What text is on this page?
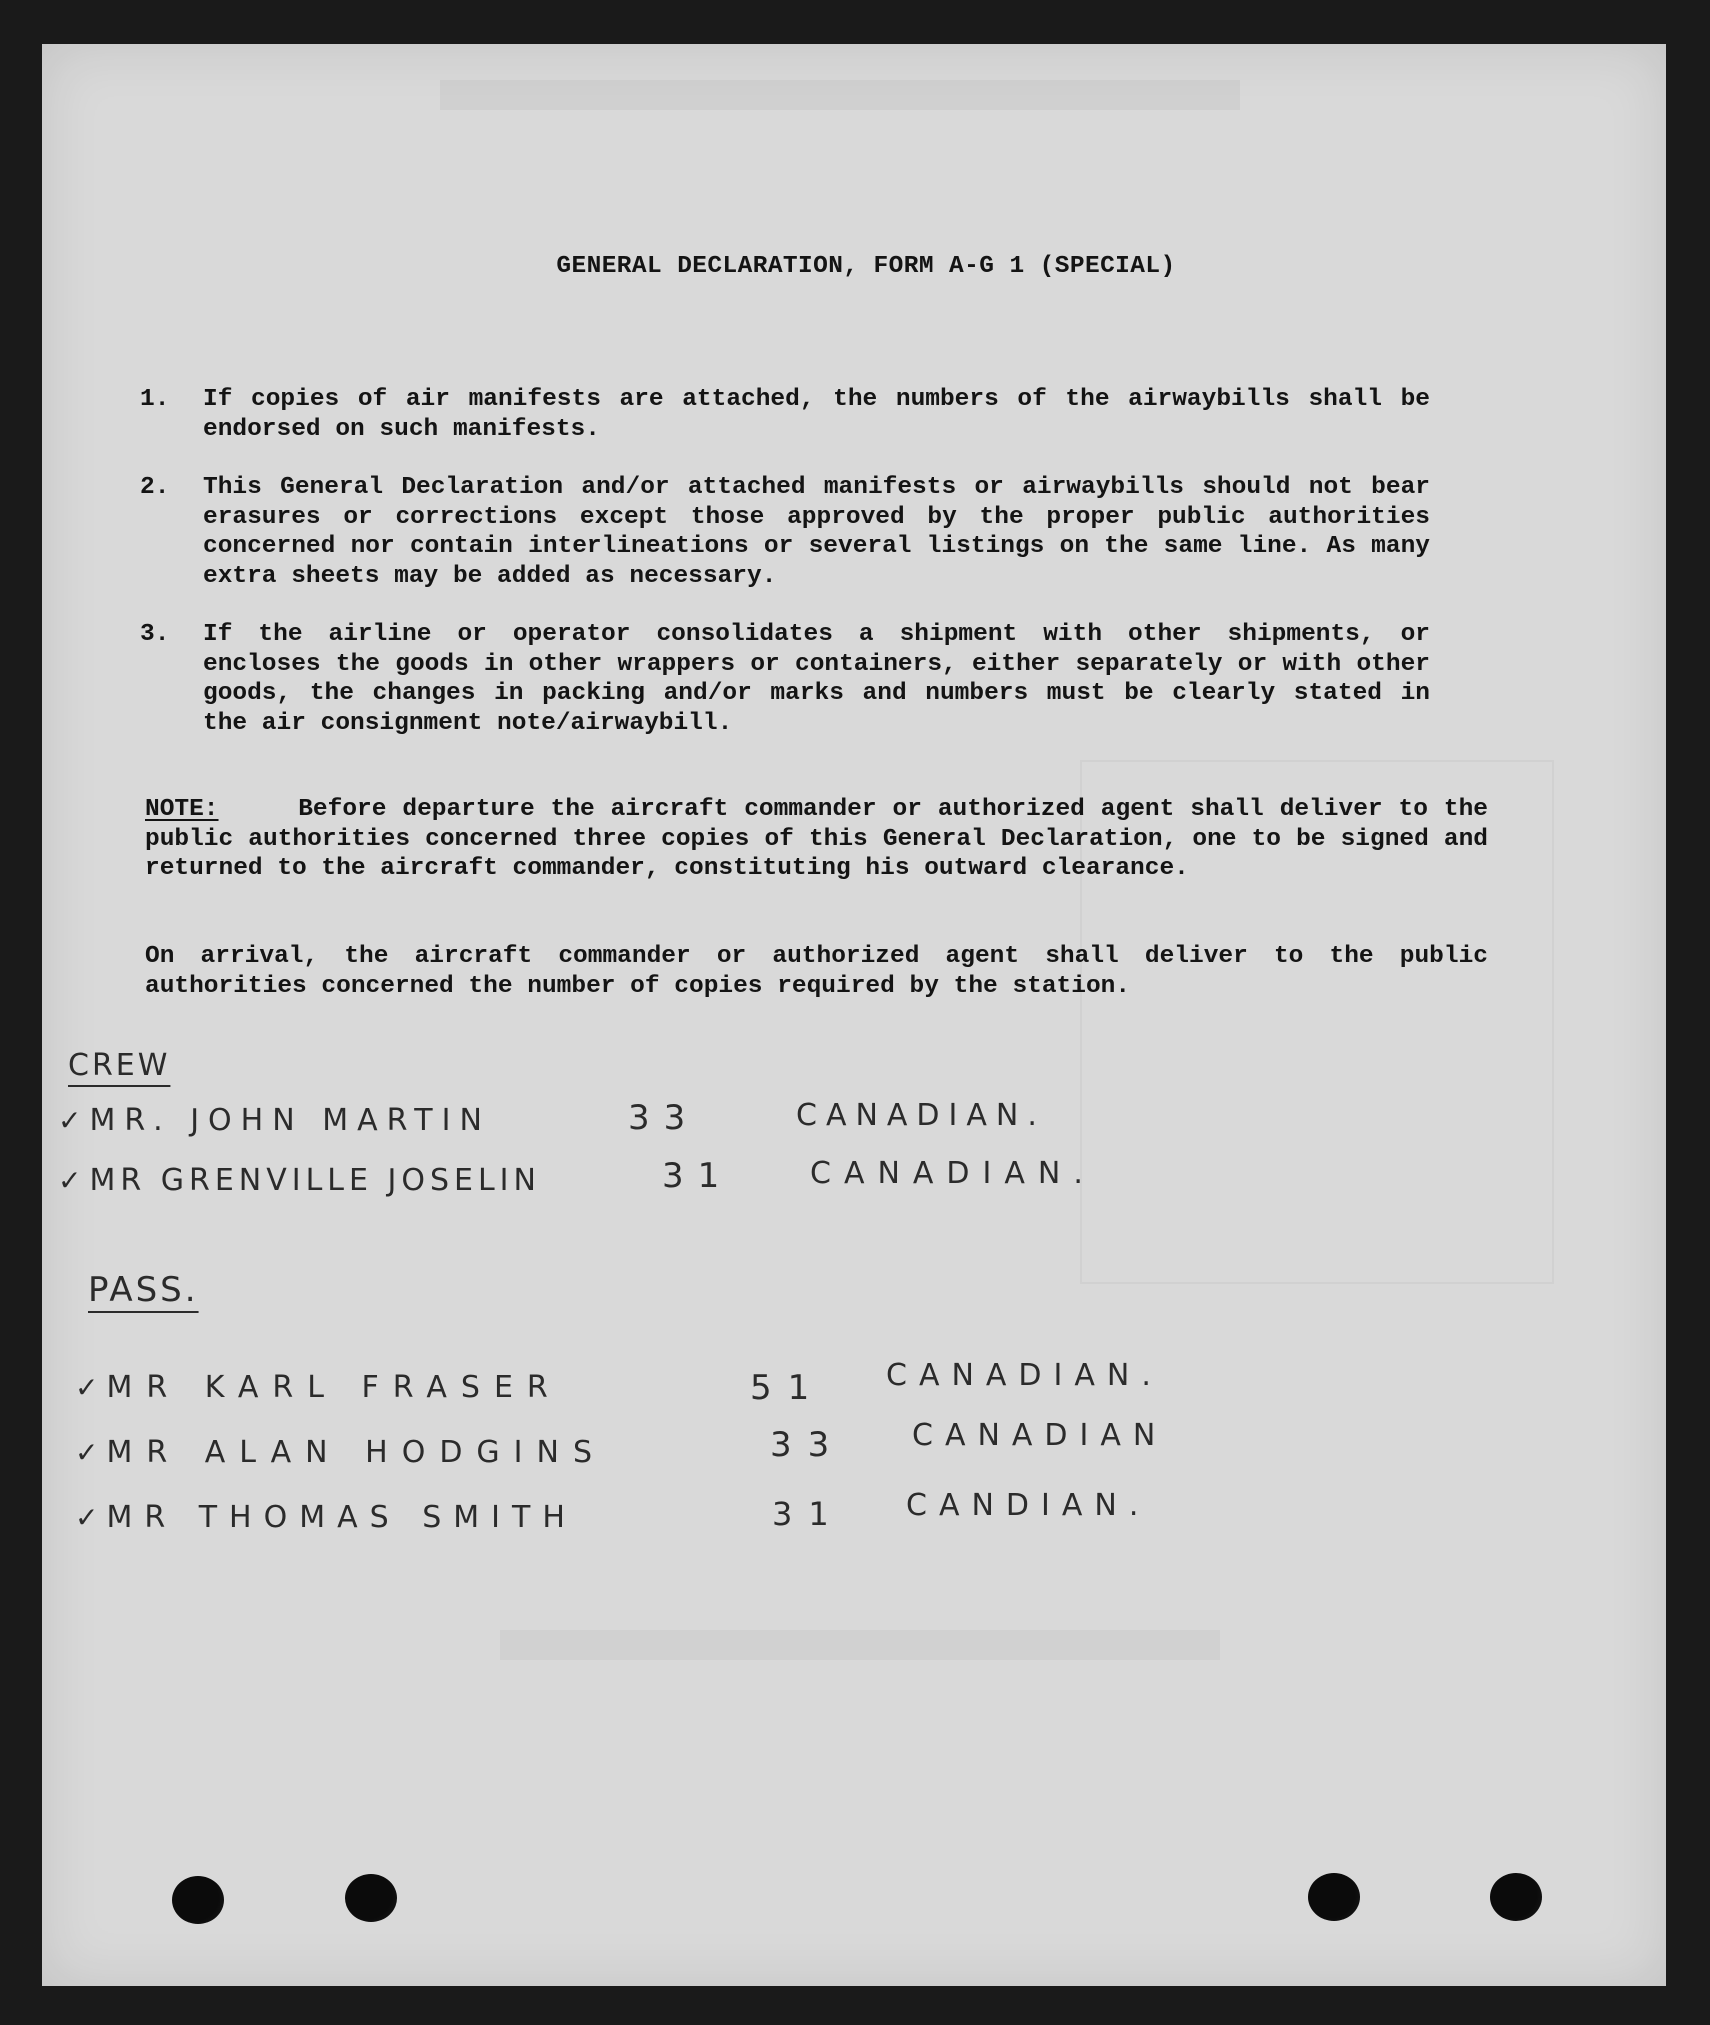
GENERAL DECLARATION, FORM A-G 1 (SPECIAL)
1.	If copies of air manifests are attached, the numbers of the airwaybills shall be endorsed on such manifests.
2.	This General Declaration and/or attached manifests or airwaybills should not bear erasures or corrections except those approved by the proper public authorities concerned nor contain interlineations or several listings on the same line. As many extra sheets may be added as necessary.
3.	If the airline or operator consolidates a shipment with other shipments, or encloses the goods in other wrappers or containers, either separately or with other goods, the changes in packing and/or marks and numbers must be clearly stated in the air consignment note/airwaybill.
NOTE:	Before departure the aircraft commander or authorized agent shall deliver to the public authorities concerned three copies of this General Declaration, one to be signed and returned to the aircraft commander, constituting his outward clearance.
On arrival, the aircraft commander or authorized agent shall deliver to the public authorities concerned the number of copies required by the station.
CREW
✓ MR. JOHN MARTIN	33	CANADIAN.
✓ MR GRENVILLE JOSELIN	31	CANADIAN.
PASS.
✓ MR KARL FRASER	51 CANADIAN.
✓ MR ALAN HODGINS	33 CANADIAN
✓ MR THOMAS SMITH	31 CANDIAN.
